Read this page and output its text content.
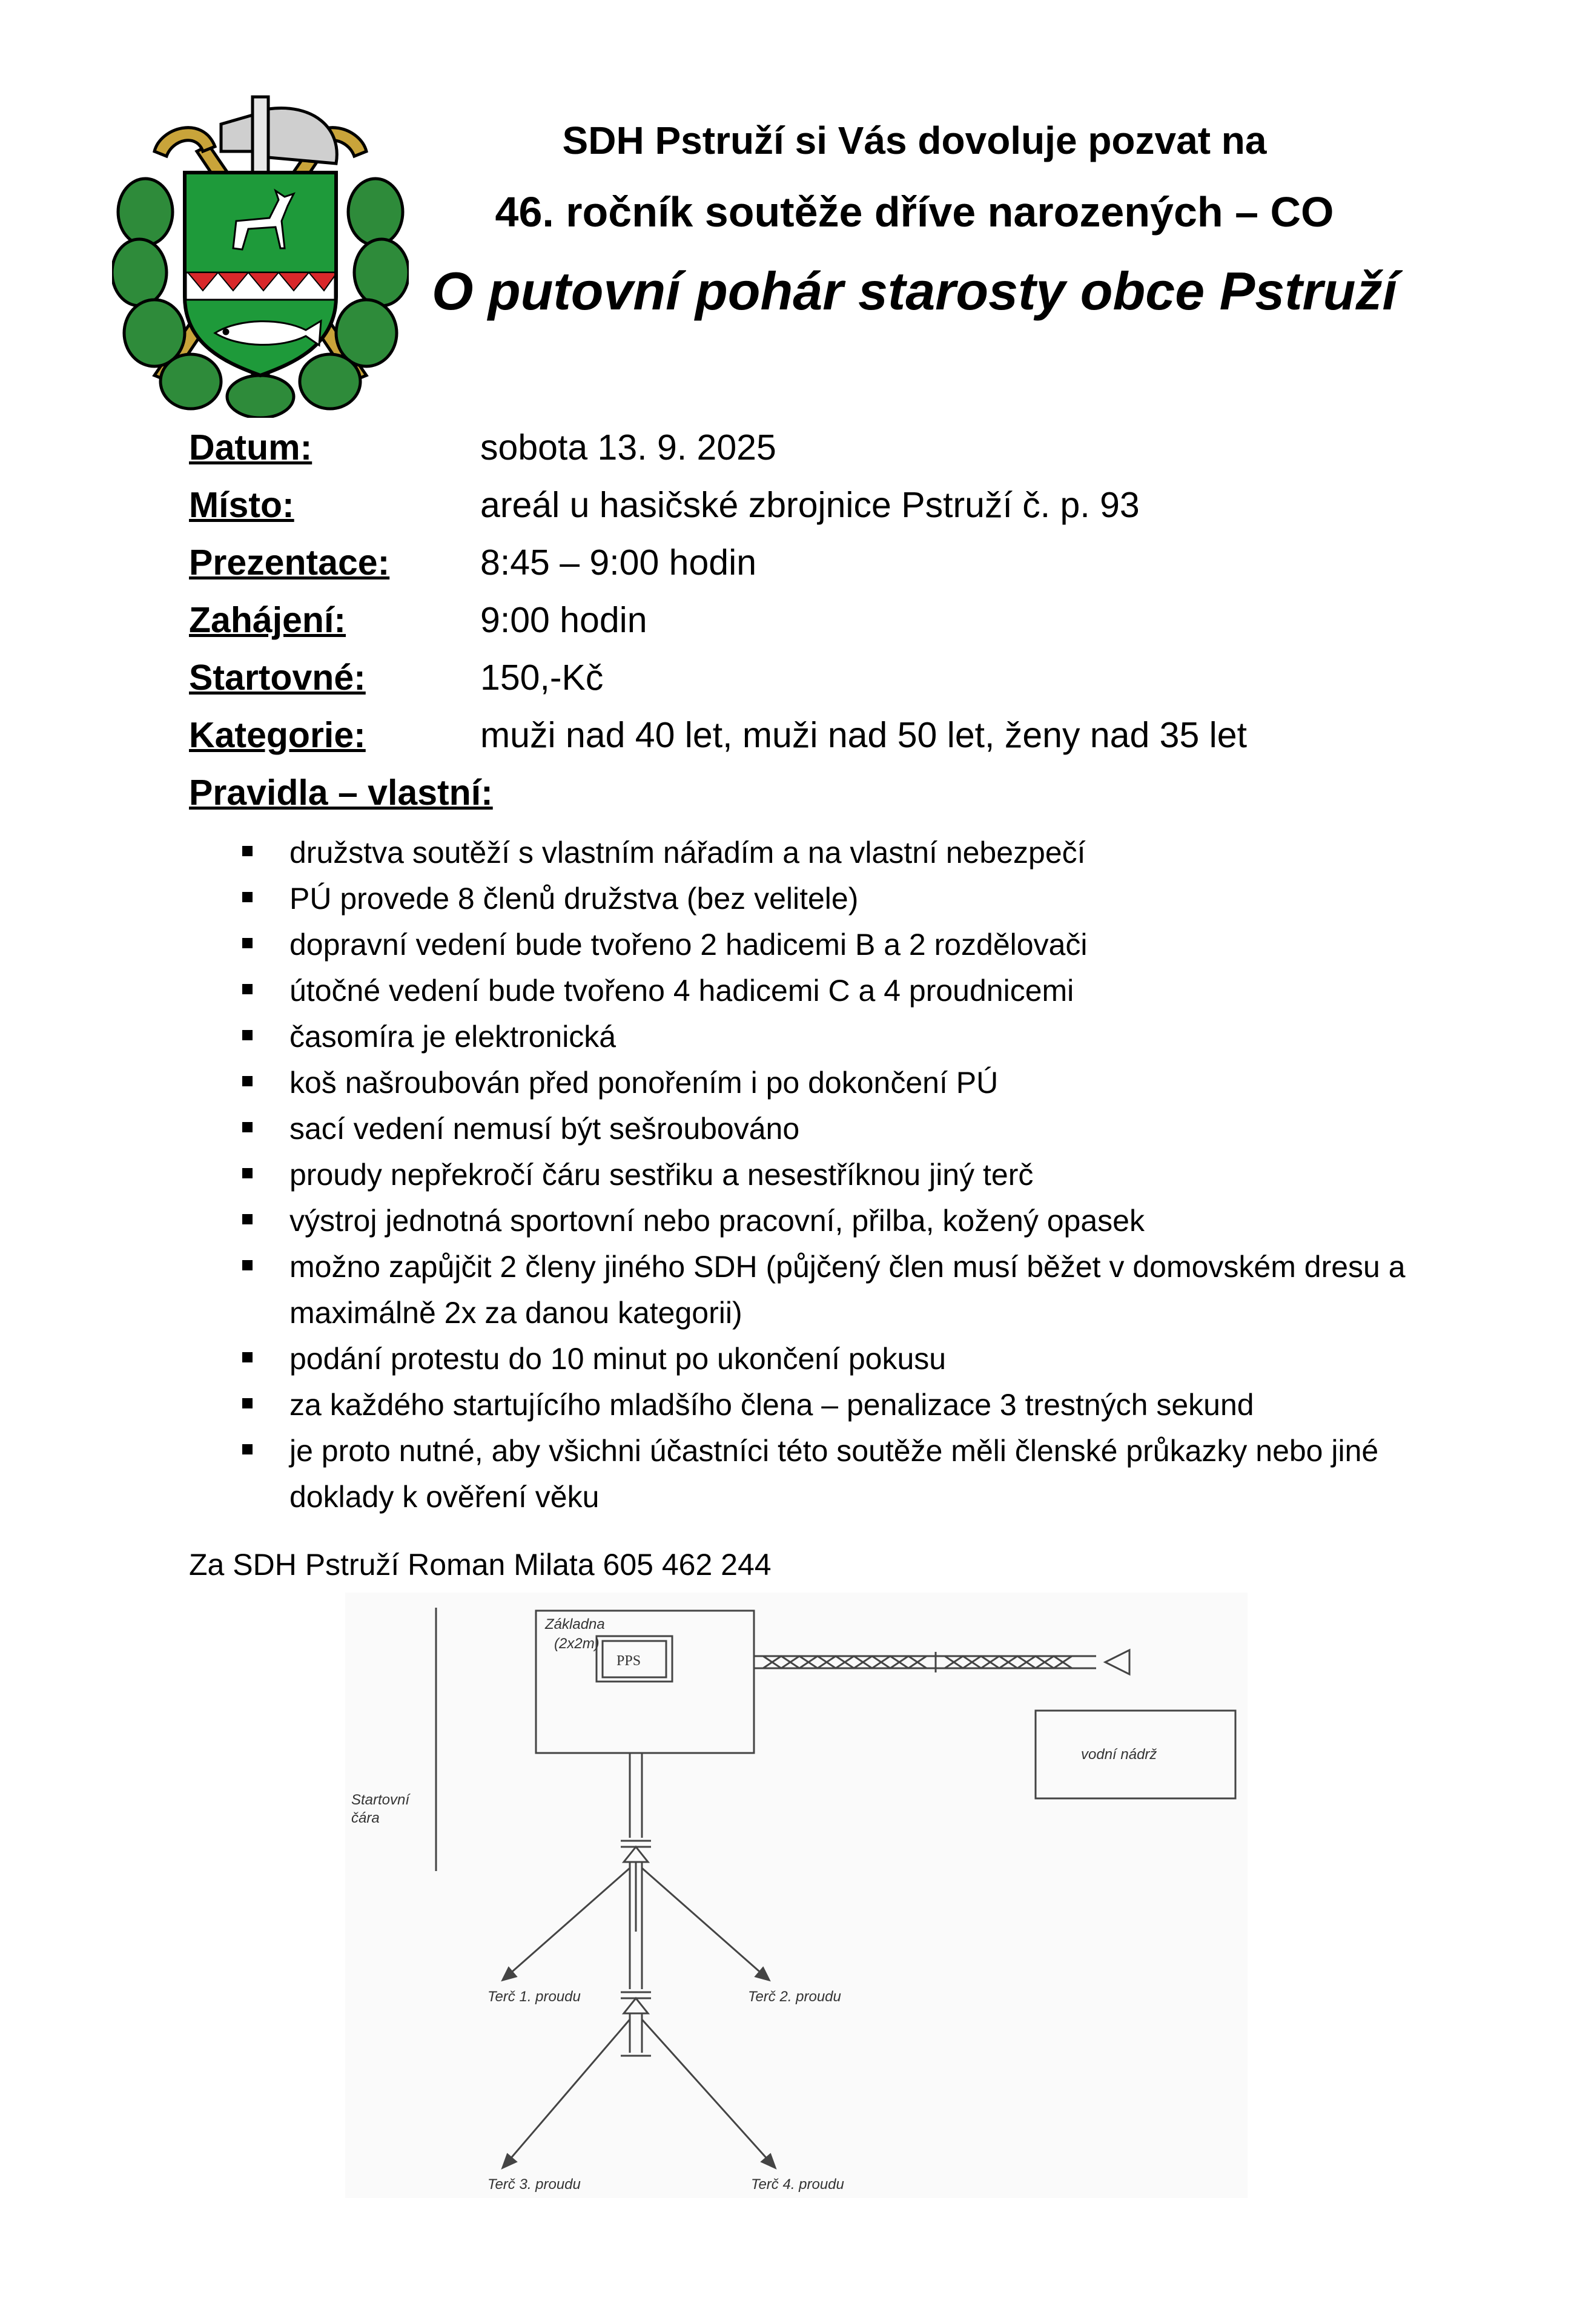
SDH Pstruží si Vás dovoluje pozvat na
46. ročník soutěže dříve narozených – CO
O putovní pohár starosty obce Pstruží
Datum:	sobota 13. 9. 2025
Místo:	areál u hasičské zbrojnice Pstruží č. p. 93
Prezentace:	8:45 – 9:00 hodin
Zahájení:	9:00 hodin
Startovné:	150,-Kč
Kategorie:	muži nad 40 let, muži nad 50 let, ženy nad 35 let
Pravidla – vlastní:
družstva soutěží s vlastním nářadím a na vlastní nebezpečí
PÚ provede 8 členů družstva (bez velitele)
dopravní vedení bude tvořeno 2 hadicemi B a 2 rozdělovači
útočné vedení bude tvořeno 4 hadicemi C a 4 proudnicemi
časomíra je elektronická
koš našroubován před ponořením i po dokončení PÚ
sací vedení nemusí být sešroubováno
proudy nepřekročí čáru sestřiku a nesestříknou jiný terč
výstroj jednotná sportovní nebo pracovní, přilba, kožený opasek
možno zapůjčit 2 členy jiného SDH (půjčený člen musí běžet v domovském dresu a maximálně 2x za danou kategorii)
podání protestu do 10 minut po ukončení pokusu
za každého startujícího mladšího člena – penalizace 3 trestných sekund
je proto nutné, aby všichni účastníci této soutěže měli členské průkazky nebo jiné doklady k ověření věku
Za SDH Pstruží Roman Milata 605 462 244
Základna
(2x2m)
PPS
vodní nádrž
Startovní
čára
Terč 1. proudu	Terč 2. proudu
Terč 3. proudu	Terč 4. proudu
